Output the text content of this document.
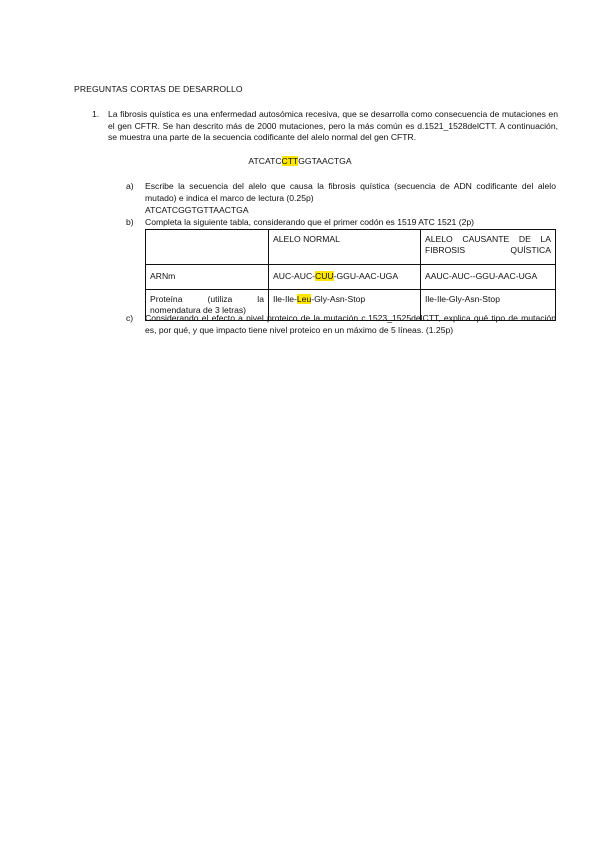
PREGUNTAS CORTAS DE DESARROLLO
1. La fibrosis quística es una enfermedad autosómica recesiva, que se desarrolla como consecuencia de mutaciones en el gen CFTR. Se han descrito más de 2000 mutaciones, pero la más común es d.1521_1528delCTT. A continuación, se muestra una parte de la secuencia codificante del alelo normal del gen CFTR.
ATCATCCTTGGTAACTGA
a) Escribe la secuencia del alelo que causa la fibrosis quística (secuencia de ADN codificante del alelo mutado) e indica el marco de lectura (0.25p)
ATCATCGGTGTTAACTGA
b) Completa la siguiente tabla, considerando que el primer codón es 1519 ATC 1521 (2p)
	ALELO NORMAL	ALELO CAUSANTE DE LA FIBROSIS QUÍSTICA
ARNm	AUC-AUC-CUU-GGU-AAC-UGA	AAUC-AUC--GGU-AAC-UGA

Proteína (utiliza la
nomendatura de 3 letras)	Ile-Ile-Leu-Gly-Asn-Stop	Ile-Ile-Gly-Asn-Stop
c) Considerando el efecto a nivel proteico de la mutación c.1523_1525delCTT, explica qué tipo de mutación es, por qué, y que impacto tiene nivel proteico en un máximo de 5 líneas. (1.25p)
